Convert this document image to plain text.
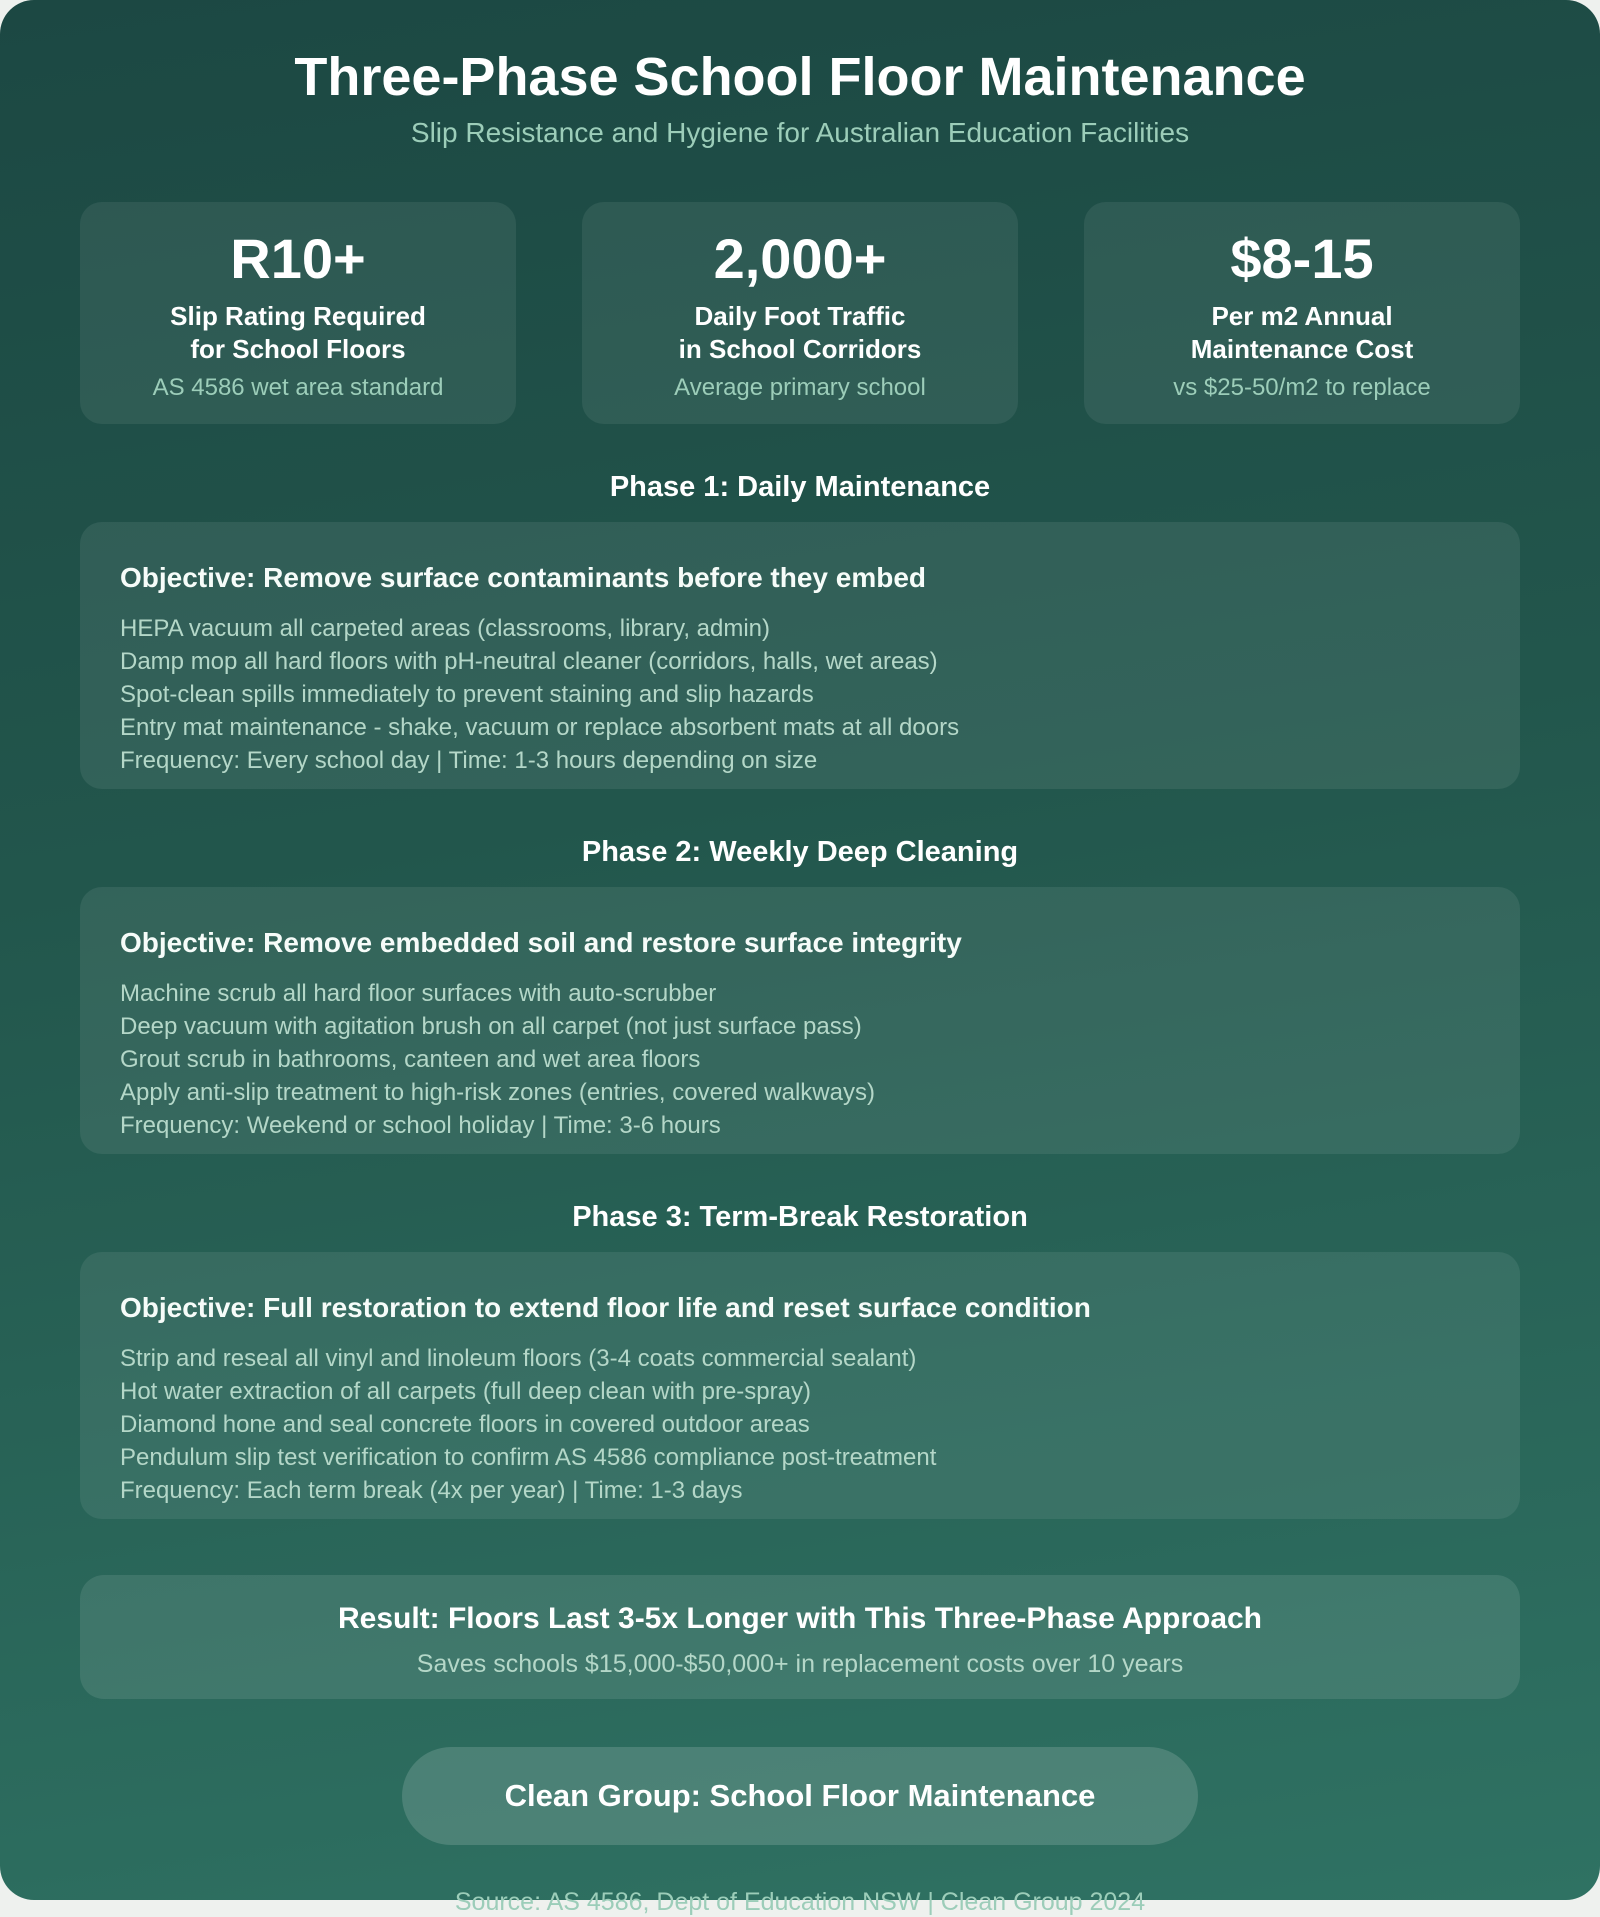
Three-Phase School Floor Maintenance
Slip Resistance and Hygiene for Australian Education Facilities
R10+
Slip Rating Required
for School Floors
AS 4586 wet area standard
2,000+
Daily Foot Traffic
in School Corridors
Average primary school
$8-15
Per m2 Annual
Maintenance Cost
vs $25-50/m2 to replace
Phase 1: Daily Maintenance
Objective: Remove surface contaminants before they embed
HEPA vacuum all carpeted areas (classrooms, library, admin)
Damp mop all hard floors with pH-neutral cleaner (corridors, halls, wet areas)
Spot-clean spills immediately to prevent staining and slip hazards
Entry mat maintenance - shake, vacuum or replace absorbent mats at all doors
Frequency: Every school day | Time: 1-3 hours depending on size
Phase 2: Weekly Deep Cleaning
Objective: Remove embedded soil and restore surface integrity
Machine scrub all hard floor surfaces with auto-scrubber
Deep vacuum with agitation brush on all carpet (not just surface pass)
Grout scrub in bathrooms, canteen and wet area floors
Apply anti-slip treatment to high-risk zones (entries, covered walkways)
Frequency: Weekend or school holiday | Time: 3-6 hours
Phase 3: Term-Break Restoration
Objective: Full restoration to extend floor life and reset surface condition
Strip and reseal all vinyl and linoleum floors (3-4 coats commercial sealant)
Hot water extraction of all carpets (full deep clean with pre-spray)
Diamond hone and seal concrete floors in covered outdoor areas
Pendulum slip test verification to confirm AS 4586 compliance post-treatment
Frequency: Each term break (4x per year) | Time: 1-3 days
Result: Floors Last 3-5x Longer with This Three-Phase Approach
Saves schools $15,000-$50,000+ in replacement costs over 10 years
Clean Group: School Floor Maintenance
Source: AS 4586, Dept of Education NSW | Clean Group 2024
